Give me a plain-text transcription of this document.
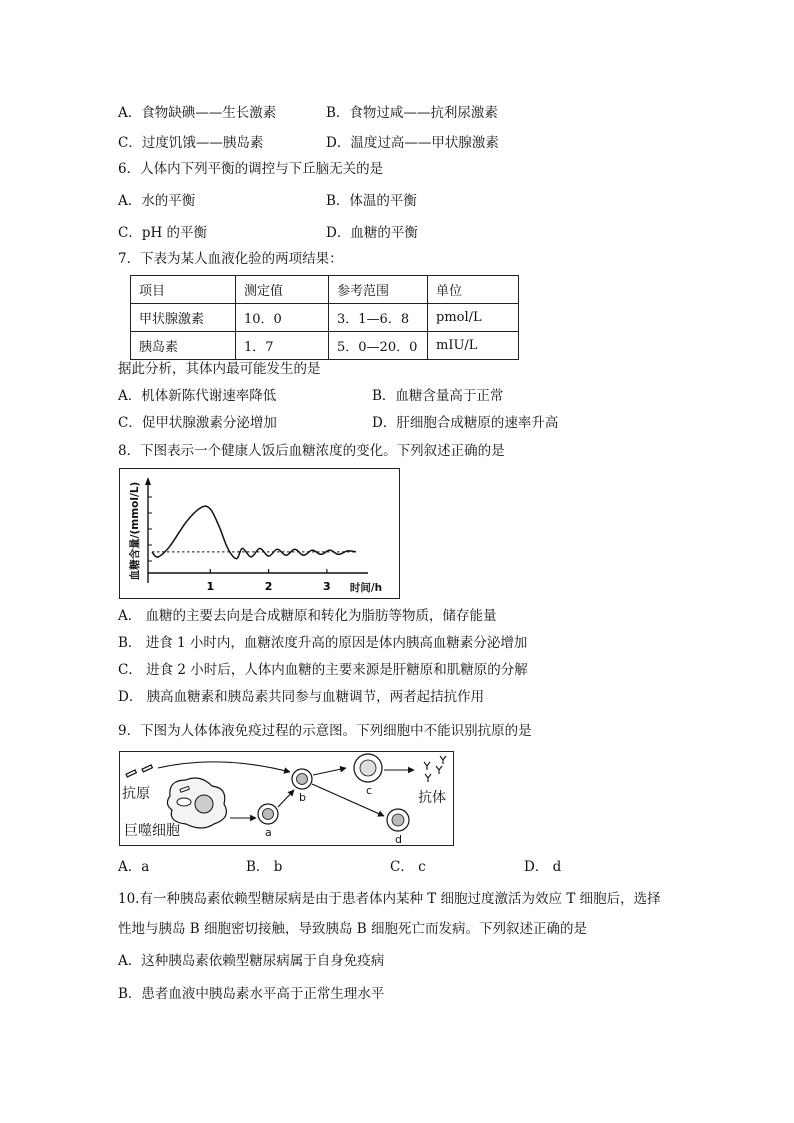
A．食物缺碘——生长激素	B．食物过咸——抗利尿激素
C．过度饥饿——胰岛素	D．温度过高——甲状腺激素
6．人体内下列平衡的调控与下丘脑无关的是
A．水的平衡	B．体温的平衡
C．pH 的平衡	D．血糖的平衡
7．下表为某人血液化验的两项结果：
项目	测定值	参考范围	单位
甲状腺激素	10．0	3．1—6．8	pmol/L
胰岛素	1．7	5．0—20．0	mIU/L
据此分析，其体内最可能发生的是
A．机体新陈代谢速率降低	B．血糖含量高于正常
C．促甲状腺激素分泌增加	D．肝细胞合成糖原的速率升高
8．下图表示一个健康人饭后血糖浓度的变化。下列叙述正确的是
1	2	3
血糖含量/(mmol/L)
时间/h
A． 血糖的主要去向是合成糖原和转化为脂肪等物质，储存能量
B． 进食 1 小时内，血糖浓度升高的原因是体内胰高血糖素分泌增加
C． 进食 2 小时后，人体内血糖的主要来源是肝糖原和肌糖原的分解
D． 胰高血糖素和胰岛素共同参与血糖调节，两者起拮抗作用
9．下图为人体体液免疫过程的示意图。下列细胞中不能识别抗原的是
抗原
巨噬细胞	a
b
c	抗体
d
A．a	B． b	C． c	D． d
10.有一种胰岛素依赖型糖尿病是由于患者体内某种 T 细胞过度激活为效应 T 细胞后，选择
性地与胰岛 B 细胞密切接触，导致胰岛 B 细胞死亡而发病。下列叙述正确的是
A．这种胰岛素依赖型糖尿病属于自身免疫病
B．患者血液中胰岛素水平高于正常生理水平
